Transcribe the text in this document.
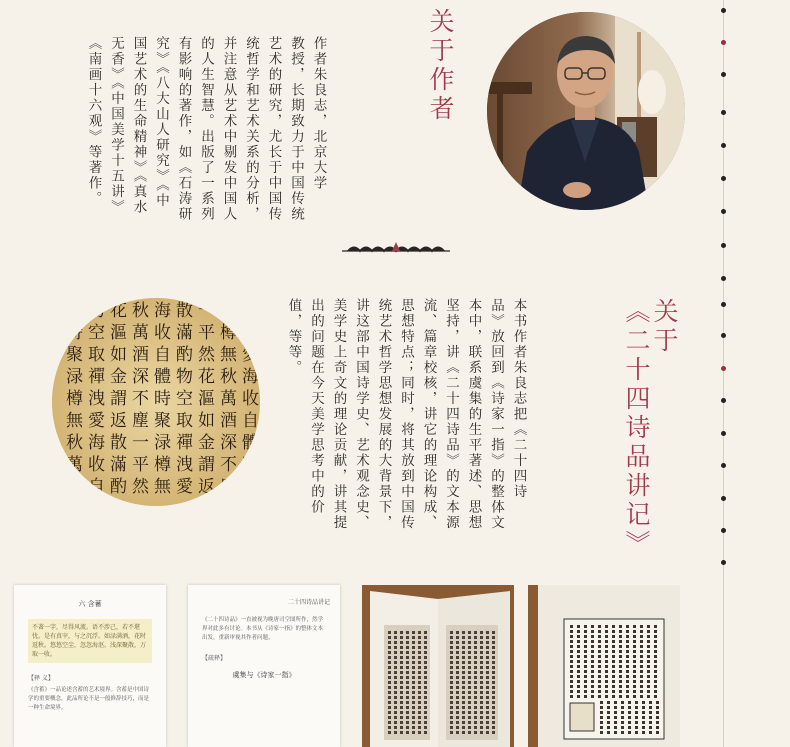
关于作者
作者朱良志，北京大学
教授，长期致力于中国传统
艺术的研究，尤长于中国传
统哲学和艺术关系的分析，
并注意从艺术中剔发中国人
的人生智慧。出版了一系列
有影响的著作，如《石涛研
究》《八大山人研究》《中
国艺术的生命精神》《真水
无香》《中国美学十五讲》
《南画十六观》等著作。
关于
《二十四诗品讲记》
本书作者朱良志把《二十四诗
品》放回到《诗家一指》的整体文
本中，联系虞集的生平著述、思想
坚持，讲《二十四诗品》的文本源
流、篇章校核，讲它的理论构成、
思想特点；同时，将其放到中国传
统艺术哲学思想发展的大背景下，
讲这部中国诗学史、艺术观念史、
美学史上奇文的理论贡献，讲其提
出的问题在今天美学思考中的价
值，等等。
禪
洩
愛
海
收
自
體
時
聚
渌
樽
無
秋
萬
酒
深
不
塵
一
平
然
花
漚
如
金
謂
返
散
滿
酌
物
空
取
禪
洩
愛
海
收
自
體
時
聚
渌
樽
無
秋
萬
酒
深
不
塵
一
平
然
花
漚
如
金
謂
返
散
滿
酌
物
空
取
禪
洩
愛
海
收
自
體
時
聚
渌
樽
無
秋
萬
酒
六 含蓄
不著一字，尽得风流。语不涉己，若不堪忧。是有真宰，与之沉浮。如渌满酒，花时返秋。悠悠空尘，忽忽海沤。浅深聚散，万取一收。
【释 义】
《含蓄》一品论述含蓄的艺术境界。含蓄是中国诗学的重要概念，此品所论不是一般修辞技巧，而是一种生命境界。
二十四诗品讲记
《二十四诗品》一直被视为晚唐司空图所作，然学界对此多有讨论。本书从《诗家一指》的整体文本出发，重新审视其作者问题。
【疏释】
虞集与《诗家一指》
